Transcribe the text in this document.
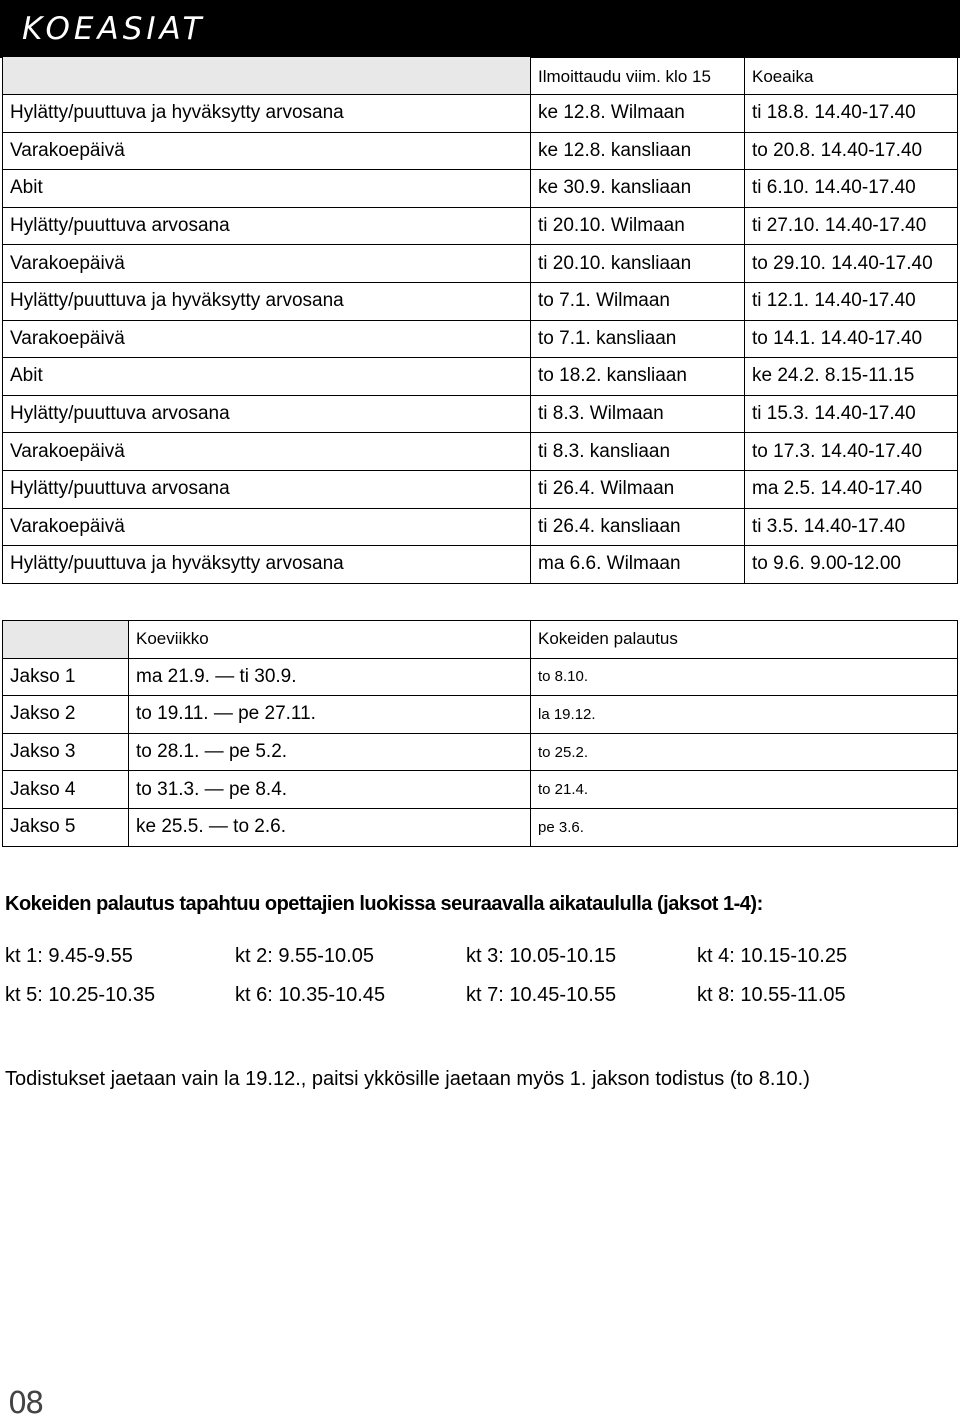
KOEASIAT
	Ilmoittaudu viim. klo 15	Koeaika
Hylätty/puuttuva ja hyväksytty arvosana	ke 12.8. Wilmaan	ti 18.8. 14.40-17.40
Varakoepäivä	ke 12.8. kansliaan	to 20.8. 14.40-17.40
Abit	ke 30.9. kansliaan	ti 6.10. 14.40-17.40
Hylätty/puuttuva arvosana	ti 20.10. Wilmaan	ti 27.10. 14.40-17.40
Varakoepäivä	ti 20.10. kansliaan	to 29.10. 14.40-17.40
Hylätty/puuttuva ja hyväksytty arvosana	to 7.1. Wilmaan	ti 12.1. 14.40-17.40
Varakoepäivä	to 7.1. kansliaan	to 14.1. 14.40-17.40
Abit	to 18.2. kansliaan	ke 24.2. 8.15-11.15
Hylätty/puuttuva arvosana	ti 8.3. Wilmaan	ti 15.3. 14.40-17.40
Varakoepäivä	ti 8.3. kansliaan	to 17.3. 14.40-17.40
Hylätty/puuttuva arvosana	ti 26.4. Wilmaan	ma 2.5. 14.40-17.40
Varakoepäivä	ti 26.4. kansliaan	ti 3.5. 14.40-17.40
Hylätty/puuttuva ja hyväksytty arvosana	ma 6.6. Wilmaan	to 9.6. 9.00-12.00
	Koeviikko	Kokeiden palautus
Jakso 1	ma 21.9. — ti 30.9.	to 8.10.
Jakso 2	to 19.11. — pe 27.11.	la 19.12.
Jakso 3	to 28.1. — pe 5.2.	to 25.2.
Jakso 4	to 31.3. — pe 8.4.	to 21.4.
Jakso 5	ke 25.5. — to 2.6.	pe 3.6.

Kokeiden palautus tapahtuu opettajien luokissa seuraavalla aikataululla (jaksot 1-4):

kt 1: 9.45-9.55	kt 2: 9.55-10.05	kt 3: 10.05-10.15	kt 4: 10.15-10.25
kt 5: 10.25-10.35	kt 6: 10.35-10.45	kt 7: 10.45-10.55	kt 8: 10.55-11.05

Todistukset jaetaan vain la 19.12., paitsi ykkösille jaetaan myös 1. jakson todistus (to 8.10.)

08
